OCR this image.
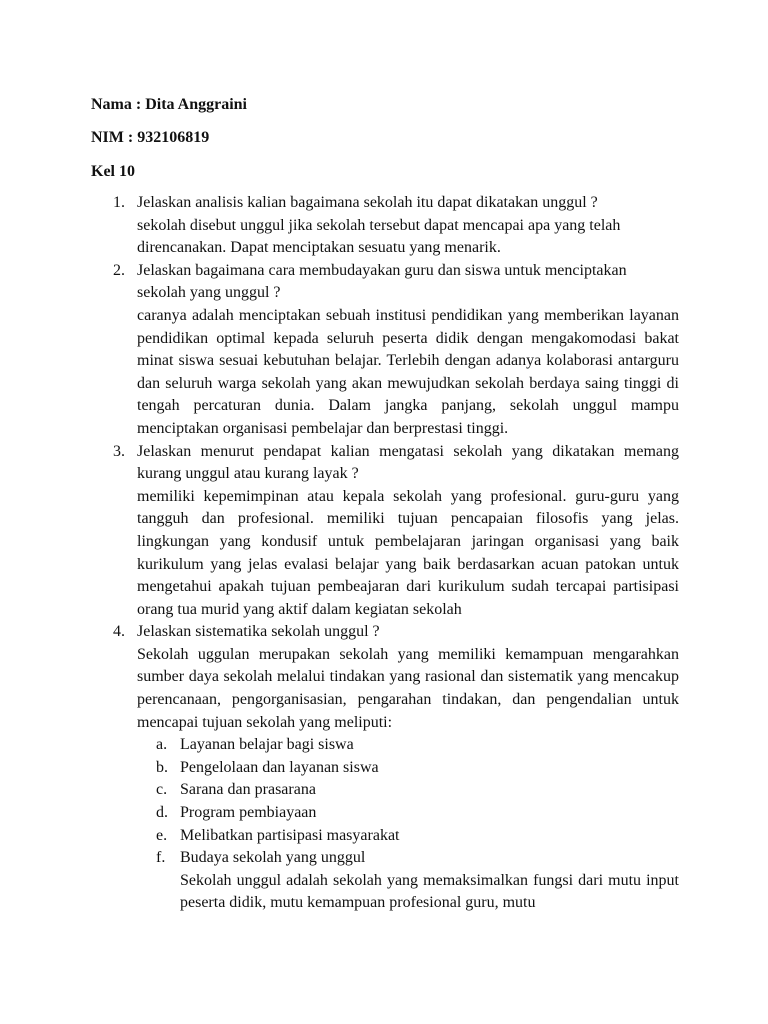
Nama : Dita Anggraini
NIM : 932106819
Kel 10
1. Jelaskan analisis kalian bagaimana sekolah itu dapat dikatakan unggul ?
sekolah disebut unggul jika sekolah tersebut dapat mencapai apa yang telah direncanakan. Dapat menciptakan sesuatu yang menarik.
2. Jelaskan bagaimana cara membudayakan guru dan siswa untuk menciptakan sekolah yang unggul ?
caranya adalah menciptakan sebuah institusi pendidikan yang memberikan layanan pendidikan optimal kepada seluruh peserta didik dengan mengakomodasi bakat minat siswa sesuai kebutuhan belajar. Terlebih dengan adanya kolaborasi antarguru dan seluruh warga sekolah yang akan mewujudkan sekolah berdaya saing tinggi di tengah percaturan dunia. Dalam jangka panjang, sekolah unggul mampu menciptakan organisasi pembelajar dan berprestasi tinggi.
3. Jelaskan menurut pendapat kalian mengatasi sekolah yang dikatakan memang kurang unggul atau kurang layak ?
memiliki kepemimpinan atau kepala sekolah yang profesional. guru-guru yang tangguh dan profesional. memiliki tujuan pencapaian filosofis yang jelas. lingkungan yang kondusif untuk pembelajaran jaringan organisasi yang baik kurikulum yang jelas evalasi belajar yang baik berdasarkan acuan patokan untuk mengetahui apakah tujuan pembeajaran dari kurikulum sudah tercapai partisipasi orang tua murid yang aktif dalam kegiatan sekolah
4. Jelaskan sistematika sekolah unggul ?
Sekolah uggulan merupakan sekolah yang memiliki kemampuan mengarahkan sumber daya sekolah melalui tindakan yang rasional dan sistematik yang mencakup perencanaan, pengorganisasian, pengarahan tindakan, dan pengendalian untuk mencapai tujuan sekolah yang meliputi:
a. Layanan belajar bagi siswa
b. Pengelolaan dan layanan siswa
c. Sarana dan prasarana
d. Program pembiayaan
e. Melibatkan partisipasi masyarakat
f. Budaya sekolah yang unggul
Sekolah unggul adalah sekolah yang memaksimalkan fungsi dari mutu input peserta didik, mutu kemampuan profesional guru, mutu
